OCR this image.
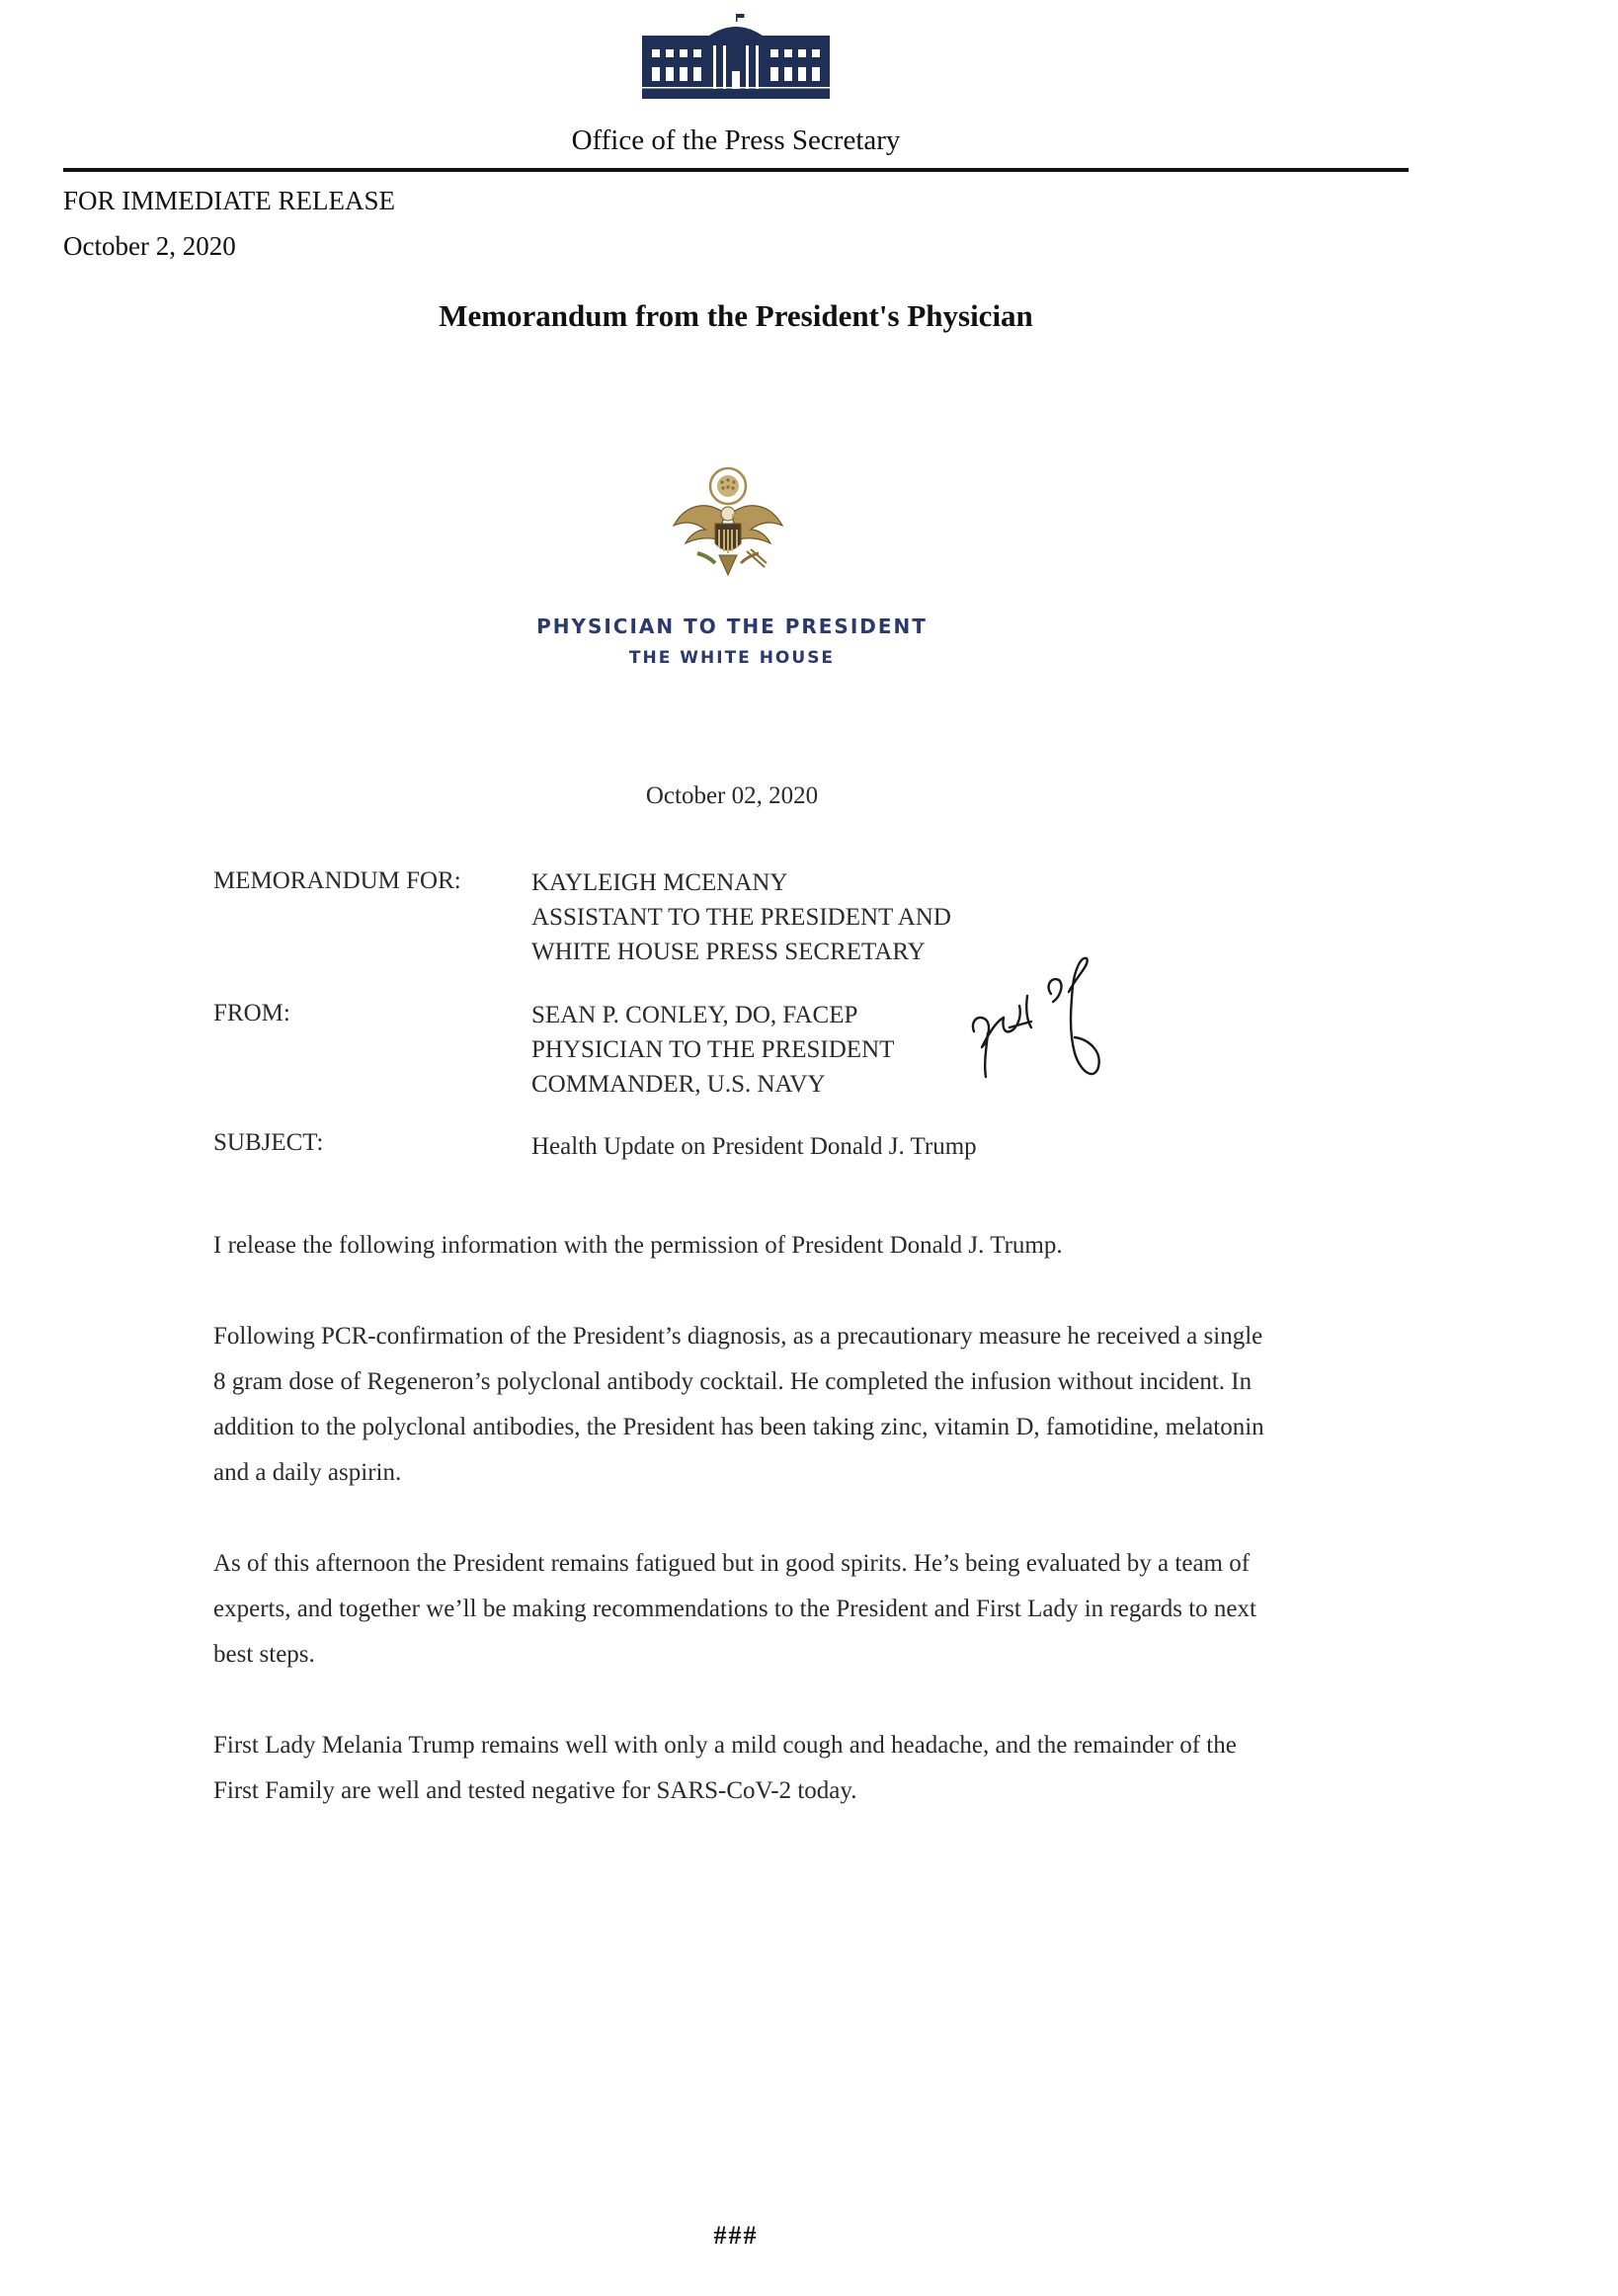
Office of the Press Secretary
FOR IMMEDIATE RELEASE
October 2, 2020
Memorandum from the President's Physician
PHYSICIAN TO THE PRESIDENT
THE WHITE HOUSE
October 02, 2020
MEMORANDUM FOR:	KAYLEIGH MCENANY
ASSISTANT TO THE PRESIDENT AND
WHITE HOUSE PRESS SECRETARY
FROM:	SEAN P. CONLEY, DO, FACEP
PHYSICIAN TO THE PRESIDENT
COMMANDER, U.S. NAVY
SUBJECT:	Health Update on President Donald J. Trump
I release the following information with the permission of President Donald J. Trump.
Following PCR-confirmation of the President’s diagnosis, as a precautionary measure he received a single 8 gram dose of Regeneron’s polyclonal antibody cocktail. He completed the infusion without incident. In addition to the polyclonal antibodies, the President has been taking zinc, vitamin D, famotidine, melatonin and a daily aspirin.
As of this afternoon the President remains fatigued but in good spirits. He’s being evaluated by a team of experts, and together we’ll be making recommendations to the President and First Lady in regards to next best steps.
First Lady Melania Trump remains well with only a mild cough and headache, and the remainder of the First Family are well and tested negative for SARS-CoV-2 today.
###
